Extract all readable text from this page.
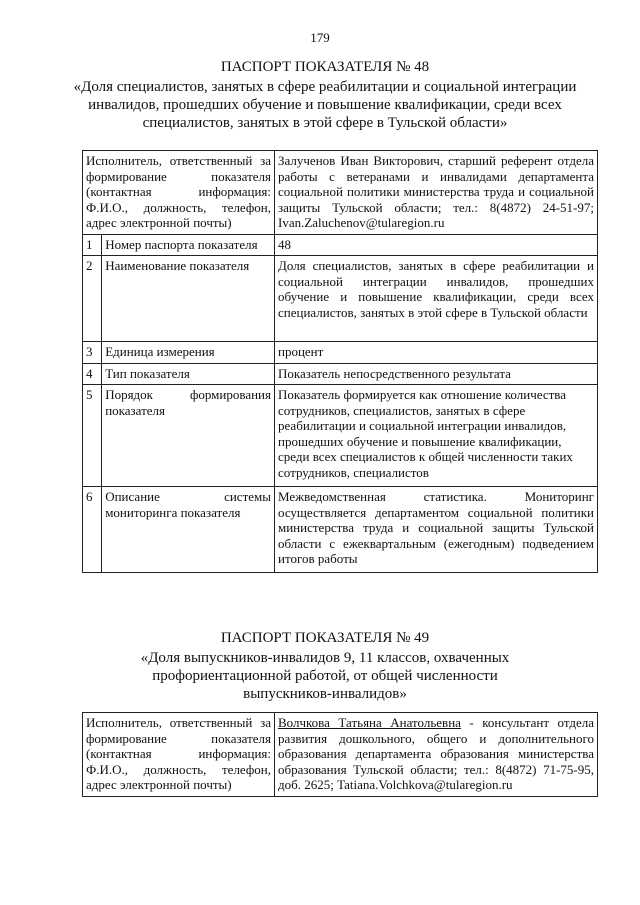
179
ПАСПОРТ ПОКАЗАТЕЛЯ № 48
«Доля специалистов, занятых в сфере реабилитации и социальной интеграции инвалидов, прошедших обучение и повышение квалификации, среди всех специалистов, занятых в этой сфере в Тульской области»
Исполнитель, ответственный за формирование показателя (контактная информация: Ф.И.О., должность, телефон, адрес электронной почты)		Залученов Иван Викторович, старший референт отдела работы с ветеранами и инвалидами департамента социальной политики министерства труда и социальной защиты Тульской области; тел.: 8(4872) 24-51-97; Ivan.Zaluchenov@tularegion.ru
1	Номер паспорта показателя	48
2	Наименование показателя	Доля специалистов, занятых в сфере реабилитации и социальной интеграции инвалидов, прошедших обучение и повышение квалификации, среди всех специалистов, занятых в этой сфере в Тульской области
3	Единица измерения	процент
4	Тип показателя	Показатель непосредственного результата
5	Порядок формирования показателя	Показатель формируется как отношение количества сотрудников, специалистов, занятых в сфере реабилитации и социальной интеграции инвалидов, прошедших обучение и повышение квалификации, среди всех специалистов к общей численности таких сотрудников, специалистов
6	Описание системы мониторинга показателя	Межведомственная статистика. Мониторинг осуществляется департаментом социальной политики министерства труда и социальной защиты Тульской области с ежеквартальным (ежегодным) подведением итогов работы
ПАСПОРТ ПОКАЗАТЕЛЯ № 49
«Доля выпускников-инвалидов 9, 11 классов, охваченных профориентационной работой, от общей численности выпускников-инвалидов»
Исполнитель, ответственный за формирование показателя (контактная информация: Ф.И.О., должность, телефон, адрес электронной почты)	Волчкова Татьяна Анатольевна - консультант отдела развития дошкольного, общего и дополнительного образования департамента образования министерства образования Тульской области; тел.: 8(4872) 71-75-95, доб. 2625; Tatiana.Volchkova@tularegion.ru
